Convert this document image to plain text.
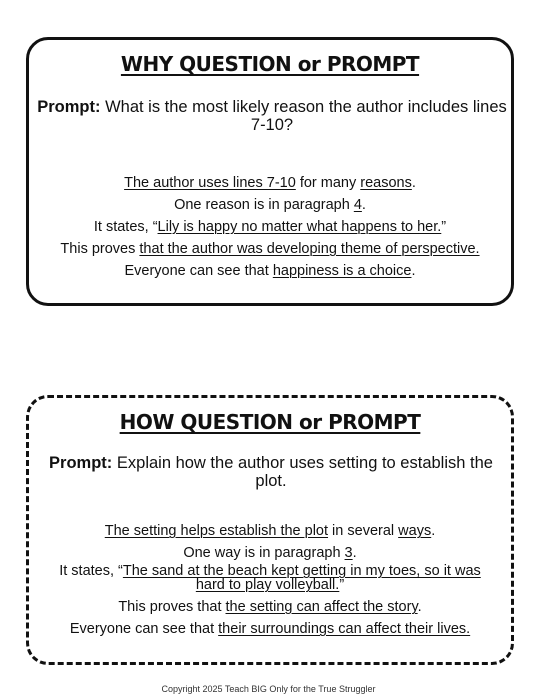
WHY QUESTION or PROMPT
Prompt: What is the most likely reason the author includes lines 7-10?
The author uses lines 7-10 for many reasons.
One reason is in paragraph 4.
It states, “Lily is happy no matter what happens to her.”
This proves that the author was developing theme of perspective.
Everyone can see that happiness is a choice.
HOW QUESTION or PROMPT
Prompt: Explain how the author uses setting to establish the plot.
The setting helps establish the plot in several ways.
One way is in paragraph 3.
It states, “The sand at the beach kept getting in my toes, so it was hard to play volleyball.”
This proves that the setting can affect the story.
Everyone can see that their surroundings can affect their lives.
Copyright 2025 Teach BIG Only for the True Struggler
